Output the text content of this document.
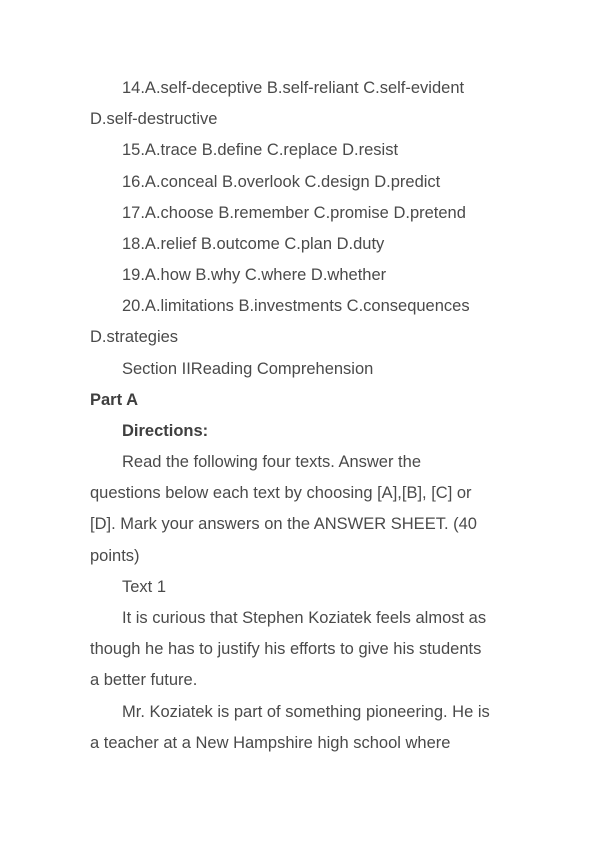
14.A.self-deceptive B.self-reliant C.self-evident

D.self-destructive

15.A.trace B.define C.replace D.resist

16.A.conceal B.overlook C.design D.predict

17.A.choose B.remember C.promise D.pretend

18.A.relief B.outcome C.plan D.duty

19.A.how B.why C.where D.whether

20.A.limitations B.investments C.consequences

D.strategies

Section IIReading Comprehension

Part A

Directions:

Read the following four texts. Answer the

questions below each text by choosing [A],[B], [C] or

[D]. Mark your answers on the ANSWER SHEET. (40

points)

Text 1

It is curious that Stephen Koziatek feels almost as

though he has to justify his efforts to give his students

a better future.

Mr. Koziatek is part of something pioneering. He is

a teacher at a New Hampshire high school where
